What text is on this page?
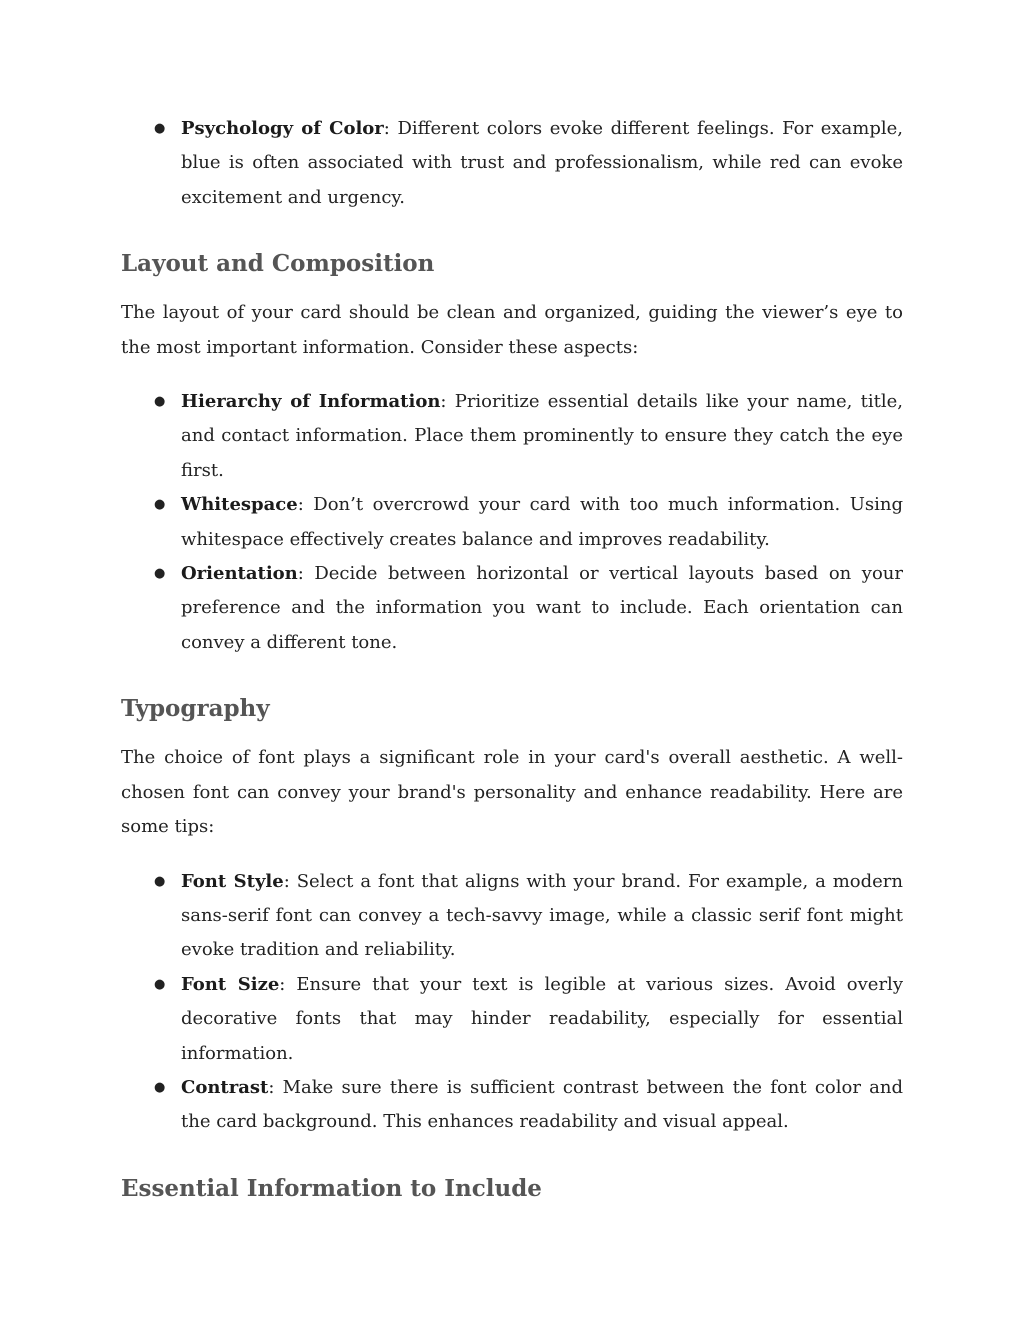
● Psychology of Color: Different colors evoke different feelings. For example, blue is often associated with trust and professionalism, while red can evoke excitement and urgency.
Layout and Composition

The layout of your card should be clean and organized, guiding the viewer’s eye to the most important information. Consider these aspects:

● Hierarchy of Information: Prioritize essential details like your name, title, and contact information. Place them prominently to ensure they catch the eye first.
● Whitespace: Don’t overcrowd your card with too much information. Using whitespace effectively creates balance and improves readability.
● Orientation: Decide between horizontal or vertical layouts based on your preference and the information you want to include. Each orientation can convey a different tone.
Typography

The choice of font plays a significant role in your card's overall aesthetic. A well-chosen font can convey your brand's personality and enhance readability. Here are some tips:

● Font Style: Select a font that aligns with your brand. For example, a modern sans-serif font can convey a tech-savvy image, while a classic serif font might evoke tradition and reliability.
● Font Size: Ensure that your text is legible at various sizes. Avoid overly decorative fonts that may hinder readability, especially for essential information.
● Contrast: Make sure there is sufficient contrast between the font color and the card background. This enhances readability and visual appeal.
Essential Information to Include
